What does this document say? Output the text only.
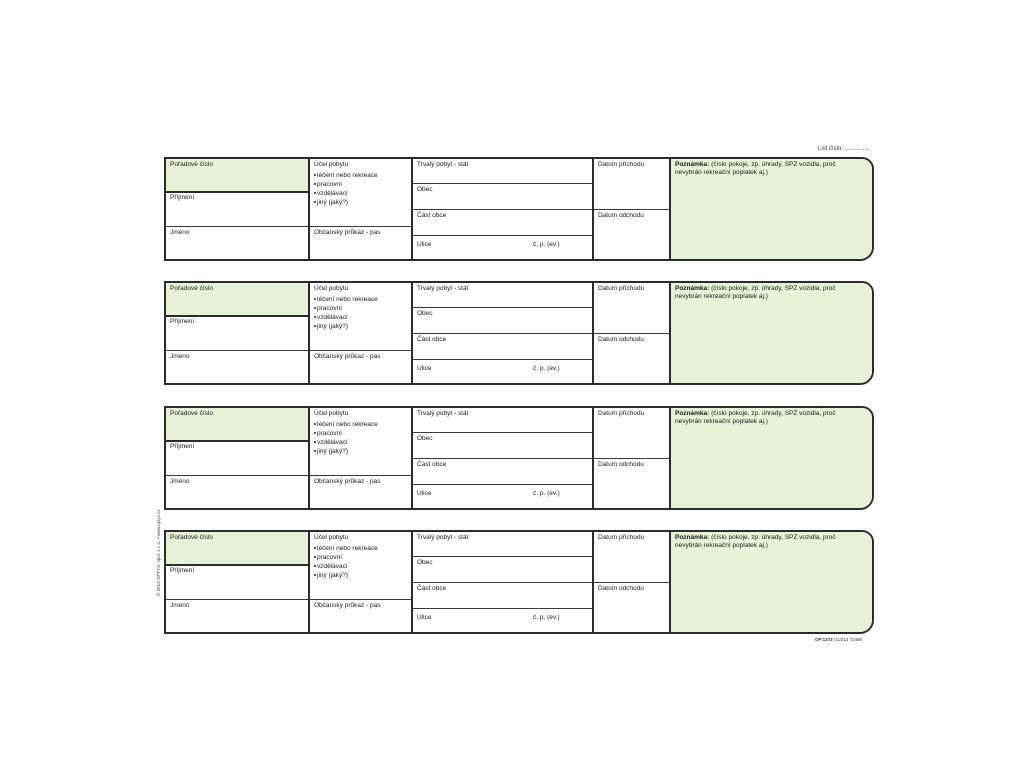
List číslo: ...............
Pořadové číslo
Příjmení
Jméno
Účel pobytu
léčení nebo rekreace
pracovní
vzdělávací
jiný (jaký?)
Občanský průkaz - pas
Trvalý pobyt - stát
Obec
Část obce
Ulice	č. p. (ev.)
Datum příchodu
Datum odchodu
Poznámka: (číslo pokoje, zp. úhrady, SPZ vozidla, proč nevybrán rekreační poplatek aj.)
Pořadové číslo
Příjmení
Jméno
Účel pobytu
léčení nebo rekreace
pracovní
vzdělávací
jiný (jaký?)
Občanský průkaz - pas
Trvalý pobyt - stát
Obec
Část obce
Ulice	č. p. (ev.)
Datum příchodu
Datum odchodu
Poznámka: (číslo pokoje, zp. úhrady, SPZ vozidla, proč nevybrán rekreační poplatek aj.)
Pořadové číslo
Příjmení
Jméno
Účel pobytu
léčení nebo rekreace
pracovní
vzdělávací
jiný (jaký?)
Občanský průkaz - pas
Trvalý pobyt - stát
Obec
Část obce
Ulice	č. p. (ev.)
Datum příchodu
Datum odchodu
Poznámka: (číslo pokoje, zp. úhrady, SPZ vozidla, proč nevybrán rekreační poplatek aj.)
Pořadové číslo
Příjmení
Jméno
Účel pobytu
léčení nebo rekreace
pracovní
vzdělávací
jiný (jaký?)
Občanský průkaz - pas
Trvalý pobyt - stát
Obec
Část obce
Ulice	č. p. (ev.)
Datum příchodu
Datum odchodu
Poznámka: (číslo pokoje, zp. úhrady, SPZ vozidla, proč nevybrán rekreační poplatek aj.)
© 2013 OPTYS, spol. s r. o. • www.optys.cz
OP 1273 V1/213 72486
